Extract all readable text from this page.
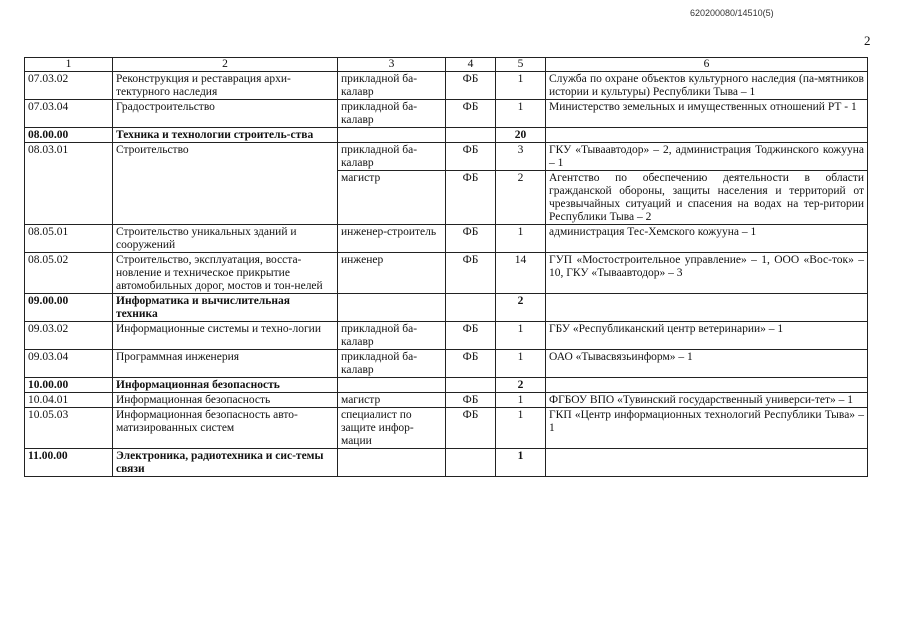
620200080/14510(5)
2
1	2	3	4	5	6
07.03.02	Реконструкция и реставрация архи-тектурного наследия	прикладной ба-калавр	ФБ	1	Служба по охране объектов культурного наследия (па-мятников истории и культуры) Республики Тыва – 1
07.03.04	Градостроительство	прикладной ба-калавр	ФБ	1	Министерство земельных и имущественных отношений РТ - 1
08.00.00	Техника и технологии строитель-ства			20	
08.03.01	Строительство	прикладной ба-калавр	ФБ	3	ГКУ «Тываавтодор» – 2, администрация Тоджинского кожууна – 1
		магистр	ФБ	2	Агентство по обеспечению деятельности в области гражданской обороны, защиты населения и территорий от чрезвычайных ситуаций и спасения на водах на тер-ритории Республики Тыва – 2
08.05.01	Строительство уникальных зданий и сооружений	инженер-строитель	ФБ	1	администрация Тес-Хемского кожууна – 1
08.05.02	Строительство, эксплуатация, восста-новление и техническое прикрытие автомобильных дорог, мостов и тон-нелей	инженер	ФБ	14	ГУП «Мостостроительное управление» – 1, ООО «Вос-ток» – 10, ГКУ «Тываавтодор» – 3
09.00.00	Информатика и вычислительная техника			2	
09.03.02	Информационные системы и техно-логии	прикладной ба-калавр	ФБ	1	ГБУ «Республиканский центр ветеринарии» – 1
09.03.04	Программная инженерия	прикладной ба-калавр	ФБ	1	ОАО «Тывасвязьинформ» – 1
10.00.00	Информационная безопасность			2	
10.04.01	Информационная безопасность	магистр	ФБ	1	ФГБОУ ВПО «Тувинский государственный универси-тет» – 1
10.05.03	Информационная безопасность авто-матизированных систем	специалист по защите инфор-мации	ФБ	1	ГКП «Центр информационных технологий Республики Тыва» – 1
11.00.00	Электроника, радиотехника и сис-темы связи			1	
